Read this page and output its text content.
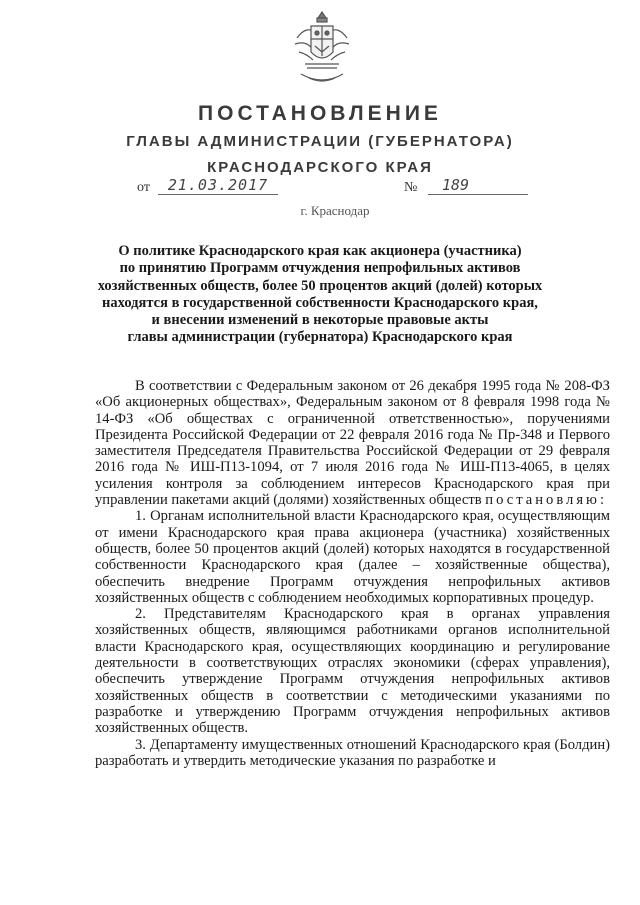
ПОСТАНОВЛЕНИЕ
ГЛАВЫ АДМИНИСТРАЦИИ (ГУБЕРНАТОРА)
КРАСНОДАРСКОГО КРАЯ
от	21.03.2017	№	189
г. Краснодар
О политике Краснодарского края как акционера (участника)
по принятию Программ отчуждения непрофильных активов
хозяйственных обществ, более 50 процентов акций (долей) которых
находятся в государственной собственности Краснодарского края,
и внесении изменений в некоторые правовые акты
главы администрации (губернатора) Краснодарского края

В соответствии с Федеральным законом от 26 декабря 1995 года № 208-ФЗ «Об акционерных обществах», Федеральным законом от 8 февраля 1998 года № 14-ФЗ «Об обществах с ограниченной ответственностью», поручениями Президента Российской Федерации от 22 февраля 2016 года № Пр-348 и Первого заместителя Председателя Правительства Российской Федерации от 29 февраля 2016 года № ИШ-П13-1094, от 7 июля 2016 года № ИШ-П13-4065, в целях усиления контроля за соблюдением интересов Краснодарского края при управлении пакетами акций (долями) хозяйственных обществ постановляю:

1. Органам исполнительной власти Краснодарского края, осуществляющим от имени Краснодарского края права акционера (участника) хозяйственных обществ, более 50 процентов акций (долей) которых находятся в государственной собственности Краснодарского края (далее – хозяйственные общества), обеспечить внедрение Программ отчуждения непрофильных активов хозяйственных обществ с соблюдением необходимых корпоративных процедур.

2. Представителям Краснодарского края в органах управления хозяйственных обществ, являющимся работниками органов исполнительной власти Краснодарского края, осуществляющих координацию и регулирование деятельности в соответствующих отраслях экономики (сферах управления), обеспечить утверждение Программ отчуждения непрофильных активов хозяйственных обществ в соответствии с методическими указаниями по разработке и утверждению Программ отчуждения непрофильных активов хозяйственных обществ.

3. Департаменту имущественных отношений Краснодарского края (Болдин) разработать и утвердить методические указания по разработке и
